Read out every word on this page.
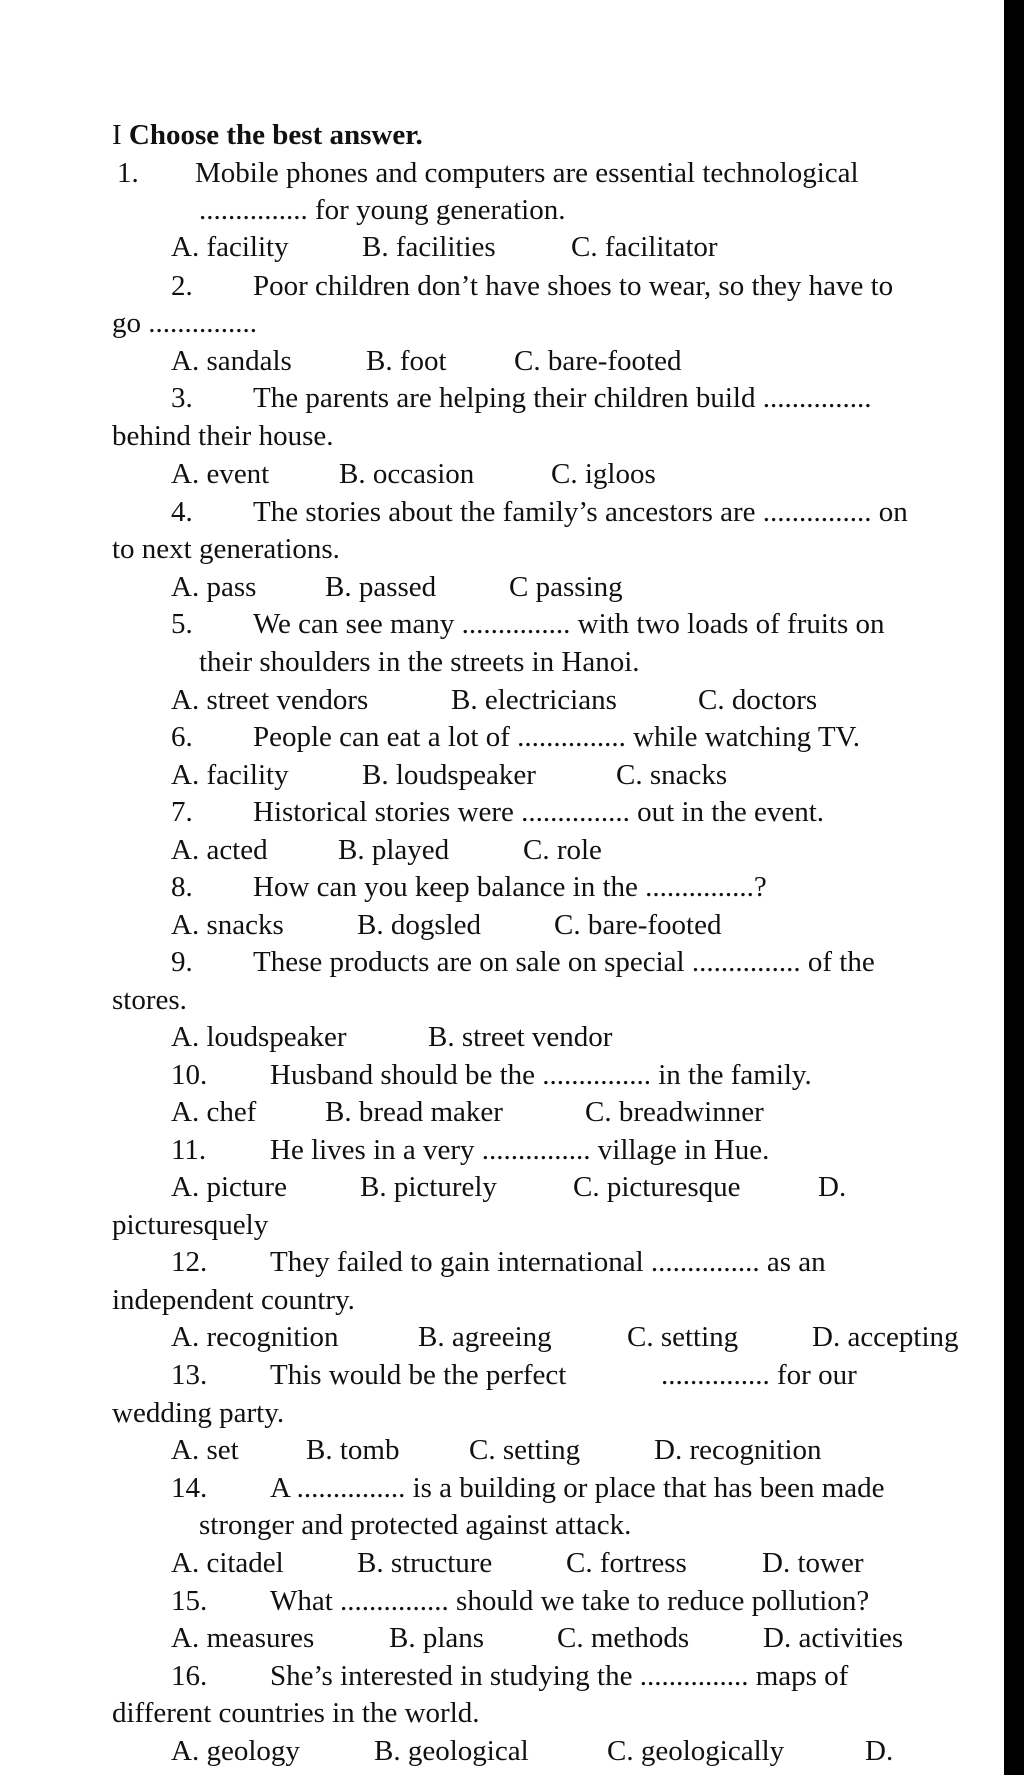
I Choose the best answer.
1. Mobile phones and computers are essential technological
............... for young generation.
A. facility	B. facilities	C. facilitator
2. Poor children don’t have shoes to wear, so they have to
go ...............
A. sandals	B. foot C. bare-footed
3. The parents are helping their children build ...............
behind their house.
A. event B. occasion	C. igloos
4. The stories about the family’s ancestors are ............... on
to next generations.
A. pass B. passed	C passing
5. We can see many ............... with two loads of fruits on
their shoulders in the streets in Hanoi.
A. street vendors	B. electricians	C. doctors
6. People can eat a lot of ............... while watching TV.
A. facility	B. loudspeaker	C. snacks
7. Historical stories were ............... out in the event.
A. acted B. played	C. role
8. How can you keep balance in the ...............?
A. snacks	B. dogsled	C. bare-footed
9. These products are on sale on special ............... of the
stores.
A. loudspeaker	B. street vendor
10. Husband should be the ............... in the family.
A. chef B. bread maker	C. breadwinner
11. He lives in a very ............... village in Hue.
A. picture	B. picturely	C. picturesque	D.
picturesquely
12. They failed to gain international ............... as an
independent country.
A. recognition	B. agreeing	C. setting	D. accepting
13. This would be the perfect	............... for our
wedding party.
A. set B. tomb C. setting	D. recognition
14. A ............... is a building or place that has been made
stronger and protected against attack.
A. citadel	B. structure	C. fortress	D. tower
15. What ............... should we take to reduce pollution?
A. measures	B. plans	C. methods	D. activities
16. She’s interested in studying the ............... maps of
different countries in the world.
A. geology	B. geological	C. geologically	D.
